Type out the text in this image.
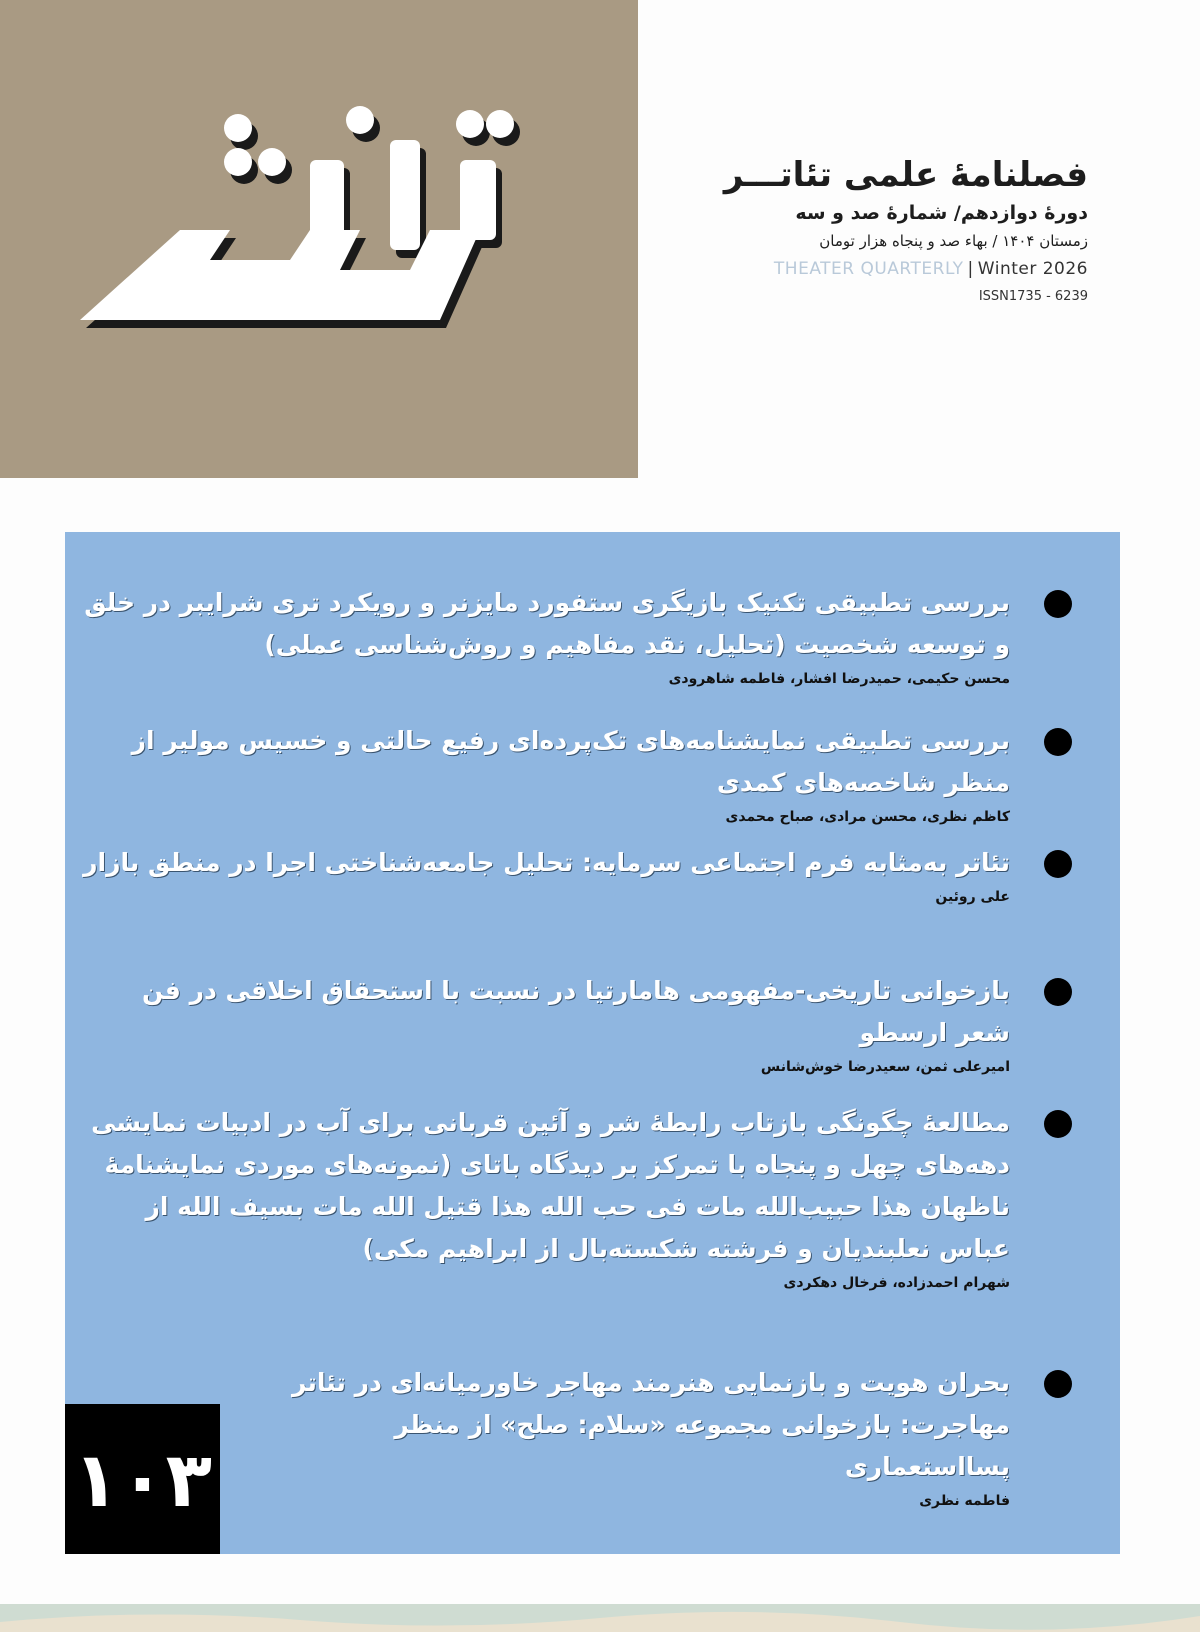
فصلنامهٔ علمی تئاتـــر
دورهٔ دوازدهم/ شمارهٔ صد و سه
زمستان ۱۴۰۴ / بهاء صد و پنجاه هزار تومان
THEATER QUARTERLY | Winter 2026
ISSN1735 - 6239
بررسی تطبیقی تکنیک بازیگری ستفورد مایزنر و رویکرد تری شرایبر در خلق و توسعه شخصیت (تحلیل، نقد مفاهیم و روش‌شناسی عملی)
محسن حکیمی، حمیدرضا افشار، فاطمه شاهرودی
بررسی تطبیقی نمایشنامه‌های تک‌پرده‌ای رفیع حالتی و خسیس مولیر از منظر شاخصه‌های کمدی
کاظم نظری، محسن مرادی، صباح محمدی
تئاتر به‌مثابه فرم اجتماعی سرمایه: تحلیل جامعه‌شناختی اجرا در منطق بازار
علی روئین
بازخوانی تاریخی-مفهومی هامارتیا در نسبت با استحقاق اخلاقی در فن شعر ارسطو
امیرعلی ثمن، سعیدرضا خوش‌شانس
مطالعهٔ چگونگی بازتاب رابطهٔ شر و آئین قربانی برای آب در ادبیات نمایشی دهه‌های چهل و پنجاه با تمرکز بر دیدگاه باتای (نمونه‌های موردی نمایشنامهٔ ناظهان هذا حبیب‌الله مات فی حب الله هذا قتیل الله مات بسیف الله از عباس نعلبندیان و فرشته شکسته‌بال از ابراهیم مکی)
شهرام احمدزاده، فرخال دهکردی
بحران هویت و بازنمایی هنرمند مهاجر خاورمیانه‌ای در تئاتر مهاجرت: بازخوانی مجموعه «سلام: صلح» از منظر پسااستعماری
فاطمه نظری
۱۰۳
